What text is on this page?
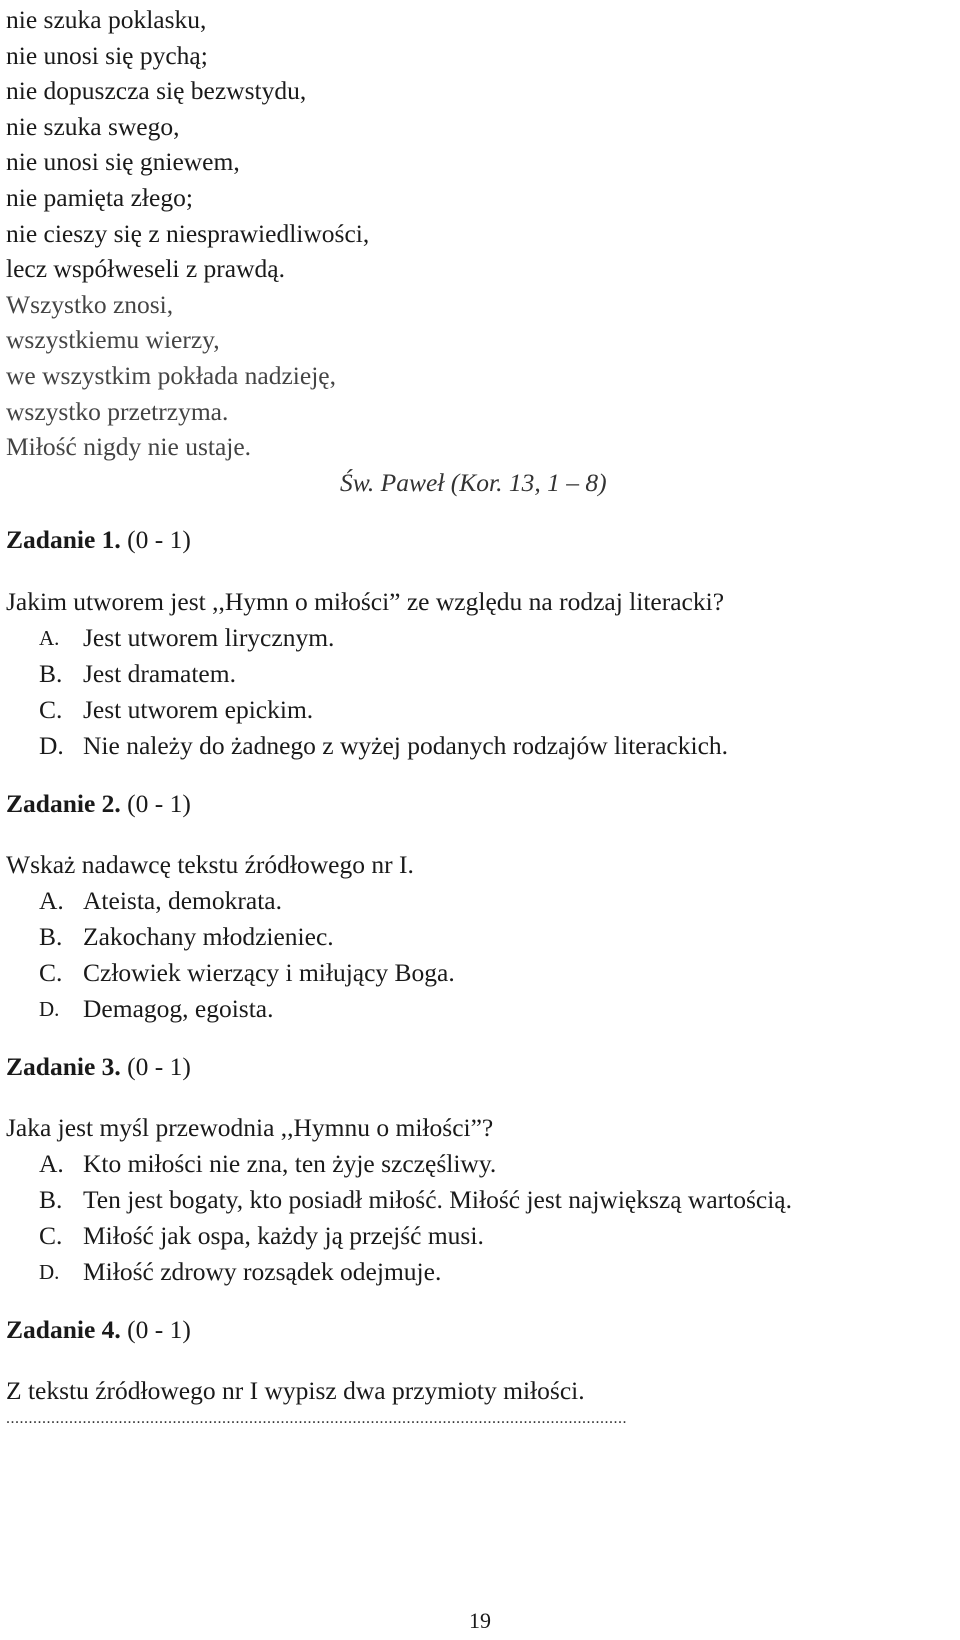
nie szuka poklasku,
nie unosi się pychą;
nie dopuszcza się bezwstydu,
nie szuka swego,
nie unosi się gniewem,
nie pamięta złego;
nie cieszy się z niesprawiedliwości,
lecz współweseli z prawdą.
Wszystko znosi,
wszystkiemu wierzy,
we wszystkim pokłada nadzieję,
wszystko przetrzyma.
Miłość nigdy nie ustaje.
Św. Paweł (Kor. 13, 1 – 8)
Zadanie 1. (0 - 1)
Jakim utworem jest ,,Hymn o miłości” ze względu na rodzaj literacki?
A. Jest utworem lirycznym.
B. Jest dramatem.
C. Jest utworem epickim.
D. Nie należy do żadnego z wyżej podanych rodzajów literackich.
Zadanie 2. (0 - 1)
Wskaż nadawcę tekstu źródłowego nr I.
A. Ateista, demokrata.
B. Zakochany młodzieniec.
C. Człowiek wierzący i miłujący Boga.
D. Demagog, egoista.
Zadanie 3. (0 - 1)
Jaka jest myśl przewodnia ,,Hymnu o miłości”?
A. Kto miłości nie zna, ten żyje szczęśliwy.
B. Ten jest bogaty, kto posiadł miłość. Miłość jest największą wartością.
C. Miłość jak ospa, każdy ją przejść musi.
D. Miłość zdrowy rozsądek odejmuje.
Zadanie 4. (0 - 1)
Z tekstu źródłowego nr I wypisz dwa przymioty miłości.
..........................................................................................................................................
19
